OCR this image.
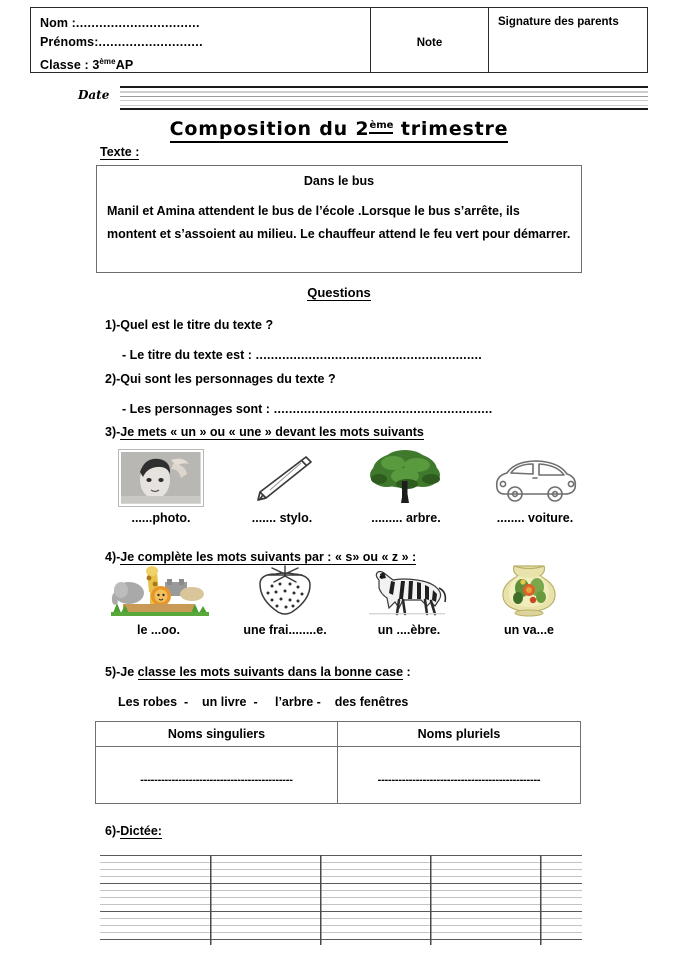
Nom :................................
Prénoms:...........................
Classe : 3èmeAP
Note
Signature des parents
Date
Composition du 2ème trimestre
Texte :
Dans le bus
Manil et Amina attendent le bus de l’école .Lorsque le bus s’arrête, ils montent et s’assoient au milieu. Le chauffeur attend le feu vert pour démarrer.
Questions
1)-Quel est le titre du texte ?
- Le titre du texte est : ............................................................
2)-Qui sont les personnages du texte ?
- Les personnages sont : ..........................................................
3)-Je mets « un » ou « une » devant les mots suivants
......photo.	....... stylo.	......... arbre.	........ voiture.
4)-Je complète les mots suivants par : « s» ou « z » :
le ...oo.	une frai........e.	un ....èbre.	un va...e
5)-Je classe les mots suivants dans la bonne case :
Les robes  -    un livre  -     l’arbre -    des fenêtres
Noms singuliers	Noms pluriels
--------------------------------------------	-----------------------------------------------
6)-Dictée:
